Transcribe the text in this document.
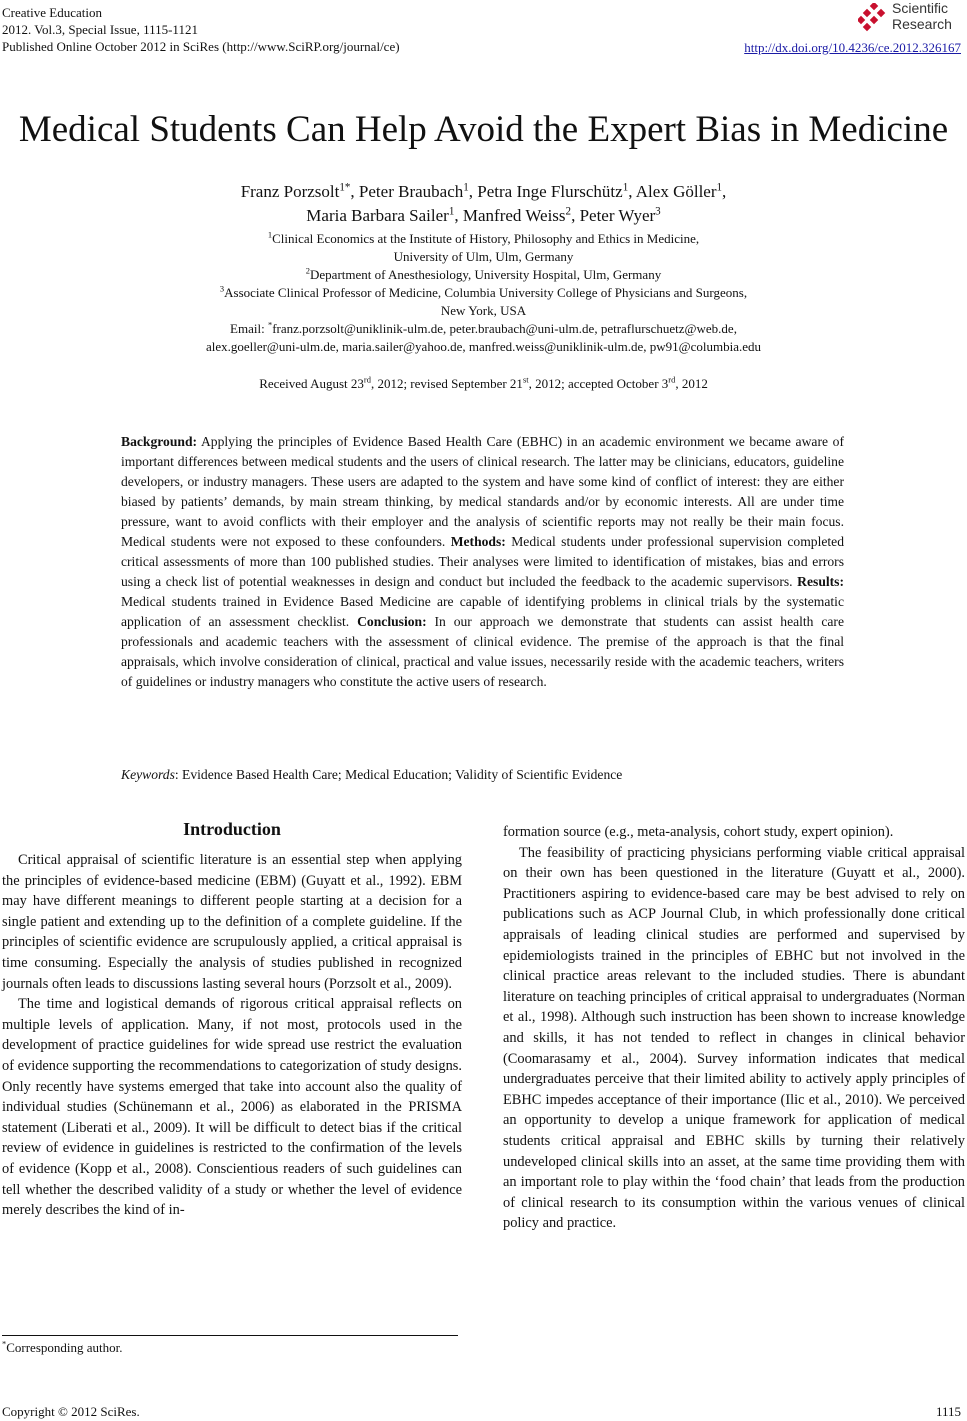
Creative Education
2012. Vol.3, Special Issue, 1115-1121
Published Online October 2012 in SciRes (http://www.SciRP.org/journal/ce)
Scientific
Research
http://dx.doi.org/10.4236/ce.2012.326167
Medical Students Can Help Avoid the Expert Bias in Medicine
Franz Porzsolt$^{1*}$, Peter Braubach$^1$, Petra Inge Flurschütz$^1$, Alex Göller$^1$,
Maria Barbara Sailer$^1$, Manfred Weiss$^2$, Peter Wyer$^3$
$^1$Clinical Economics at the Institute of History, Philosophy and Ethics in Medicine,
University of Ulm, Ulm, Germany
$^2$Department of Anesthesiology, University Hospital, Ulm, Germany
$^3$Associate Clinical Professor of Medicine, Columbia University College of Physicians and Surgeons,
New York, USA
Email: *franz.porzsolt@uniklinik-ulm.de, peter.braubach@uni-ulm.de, petraflurschuetz@web.de,
alex.goeller@uni-ulm.de, maria.sailer@yahoo.de, manfred.weiss@uniklinik-ulm.de, pw91@columbia.edu
Received August 23rd, 2012; revised September 21st, 2012; accepted October 3rd, 2012
Background: Applying the principles of Evidence Based Health Care (EBHC) in an academic environment we became aware of important differences between medical students and the users of clinical research. The latter may be clinicians, educators, guideline developers, or industry managers. These users are adapted to the system and have some kind of conflict of interest: they are either biased by patients’ demands, by main stream thinking, by medical standards and/or by economic interests. All are under time pressure, want to avoid conflicts with their employer and the analysis of scientific reports may not really be their main focus. Medical students were not exposed to these confounders. Methods: Medical students under professional supervision completed critical assessments of more than 100 published studies. Their analyses were limited to identification of mistakes, bias and errors using a check list of potential weaknesses in design and conduct but included the feedback to the academic supervisors. Results: Medical students trained in Evidence Based Medicine are capable of identifying problems in clinical trials by the systematic application of an assessment checklist. Conclusion: In our approach we demonstrate that students can assist health care professionals and academic teachers with the assessment of clinical evidence. The premise of the approach is that the final appraisals, which involve consideration of clinical, practical and value issues, necessarily reside with the academic teachers, writers of guidelines or industry managers who constitute the active users of research.
Keywords: Evidence Based Health Care; Medical Education; Validity of Scientific Evidence
Introduction

Critical appraisal of scientific literature is an essential step when applying the principles of evidence-based medicine (EBM) (Guyatt et al., 1992). EBM may have different meanings to different people starting at a decision for a single patient and extending up to the definition of a complete guideline. If the principles of scientific evidence are scrupulously applied, a critical appraisal is time consuming. Especially the analysis of studies published in recognized journals often leads to discussions lasting several hours (Porzsolt et al., 2009).

The time and logistical demands of rigorous critical appraisal reflects on multiple levels of application. Many, if not most, protocols used in the development of practice guidelines for wide spread use restrict the evaluation of evidence supporting the recommendations to categorization of study designs. Only recently have systems emerged that take into account also the quality of individual studies (Schünemann et al., 2006) as elaborated in the PRISMA statement (Liberati et al., 2009). It will be difficult to detect bias if the critical review of evidence in guidelines is restricted to the confirmation of the levels of evidence (Kopp et al., 2008). Conscientious readers of such guidelines can tell whether the described validity of a study or whether the level of evidence merely describes the kind of in-

formation source (e.g., meta-analysis, cohort study, expert opinion).

The feasibility of practicing physicians performing viable critical appraisal on their own has been questioned in the literature (Guyatt et al., 2000). Practitioners aspiring to evidence-based care may be best advised to rely on publications such as ACP Journal Club, in which professionally done critical appraisals of leading clinical studies are performed and supervised by epidemiologists trained in the principles of EBHC but not involved in the clinical practice areas relevant to the included studies. There is abundant literature on teaching principles of critical appraisal to undergraduates (Norman et al., 1998). Although such instruction has been shown to increase knowledge and skills, it has not tended to reflect in changes in clinical behavior (Coomarasamy et al., 2004). Survey information indicates that medical undergraduates perceive that their limited ability to actively apply principles of EBHC impedes acceptance of their importance (Ilic et al., 2010). We perceived an opportunity to develop a unique framework for application of medical students critical appraisal and EBHC skills by turning their relatively undeveloped clinical skills into an asset, at the same time providing them with an important role to play within the ‘food chain’ that leads from the production of clinical research to its consumption within the various venues of clinical policy and practice.

*Corresponding author.
Copyright © 2012 SciRes.	1115
